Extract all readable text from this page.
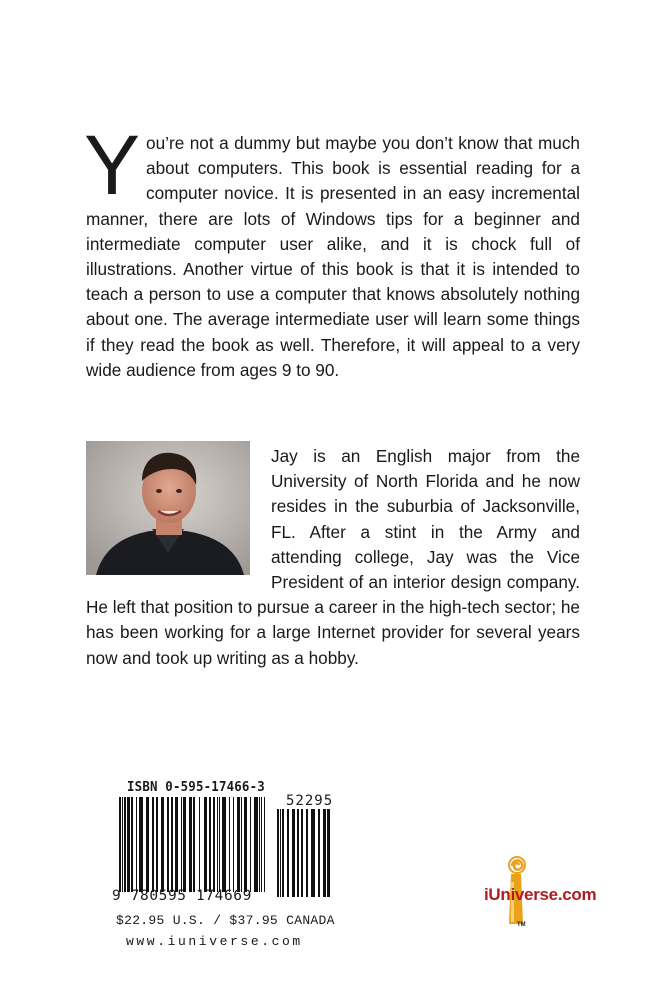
You’re not a dummy but maybe you don’t know that much about computers. This book is essential reading for a computer novice. It is presented in an easy incremental manner, there are lots of Windows tips for a beginner and intermediate computer user alike, and it is chock full of illustrations. Another virtue of this book is that it is intended to teach a person to use a computer that knows absolutely nothing about one. The average intermediate user will learn some things if they read the book as well. Therefore, it will appeal to a very wide audience from ages 9 to 90.
Jay is an English major from the University of North Florida and he now resides in the suburbia of Jacksonville, FL. After a stint in the Army and attending college, Jay was the Vice President of an interior design company. He left that position to pursue a career in the high-tech sector; he has been working for a large Internet provider for several years now and took up writing as a hobby.
ISBN 0-595-17466-3
52295
9 780595 174669
$22.95 U.S. / $37.95 CANADA
www.iuniverse.com
iUniverse.com
TM
